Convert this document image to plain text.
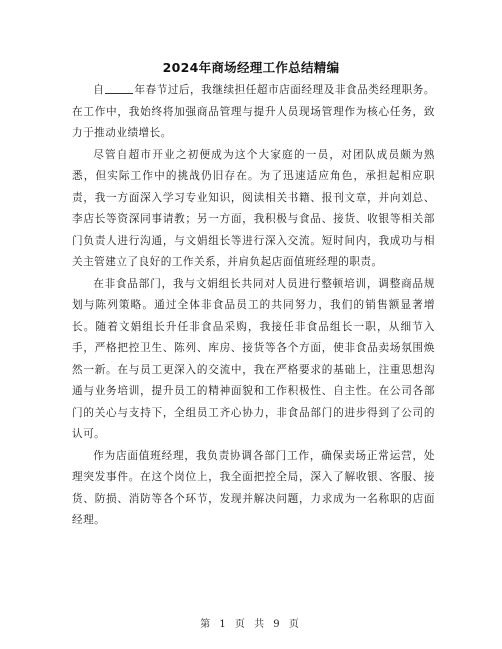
2024年商场经理工作总结精编

自	年春节过后，我继续担任超市店面经理及非食品类经理职务。在工作中，我始终将加强商品管理与提升人员现场管理作为核心任务，致力于推动业绩增长。

尽管自超市开业之初便成为这个大家庭的一员，对团队成员颇为熟悉，但实际工作中的挑战仍旧存在。为了迅速适应角色，承担起相应职责，我一方面深入学习专业知识，阅读相关书籍、报刊文章，并向刘总、李店长等资深同事请教；另一方面，我积极与食品、接货、收银等相关部门负责人进行沟通，与文娟组长等进行深入交流。短时间内，我成功与相关主管建立了良好的工作关系，并肩负起店面值班经理的职责。

在非食品部门，我与文娟组长共同对人员进行整顿培训，调整商品规划与陈列策略。通过全体非食品员工的共同努力，我们的销售额显著增长。随着文娟组长升任非食品采购，我接任非食品组长一职，从细节入手，严格把控卫生、陈列、库房、接货等各个方面，使非食品卖场氛围焕然一新。在与员工更深入的交流中，我在严格要求的基础上，注重思想沟通与业务培训，提升员工的精神面貌和工作积极性、自主性。在公司各部门的关心与支持下，全组员工齐心协力，非食品部门的进步得到了公司的认可。

作为店面值班经理，我负责协调各部门工作，确保卖场正常运营，处理突发事件。在这个岗位上，我全面把控全局，深入了解收银、客服、接货、防损、消防等各个环节，发现并解决问题，力求成为一名称职的店面经理。

第 1 页 共 9 页
